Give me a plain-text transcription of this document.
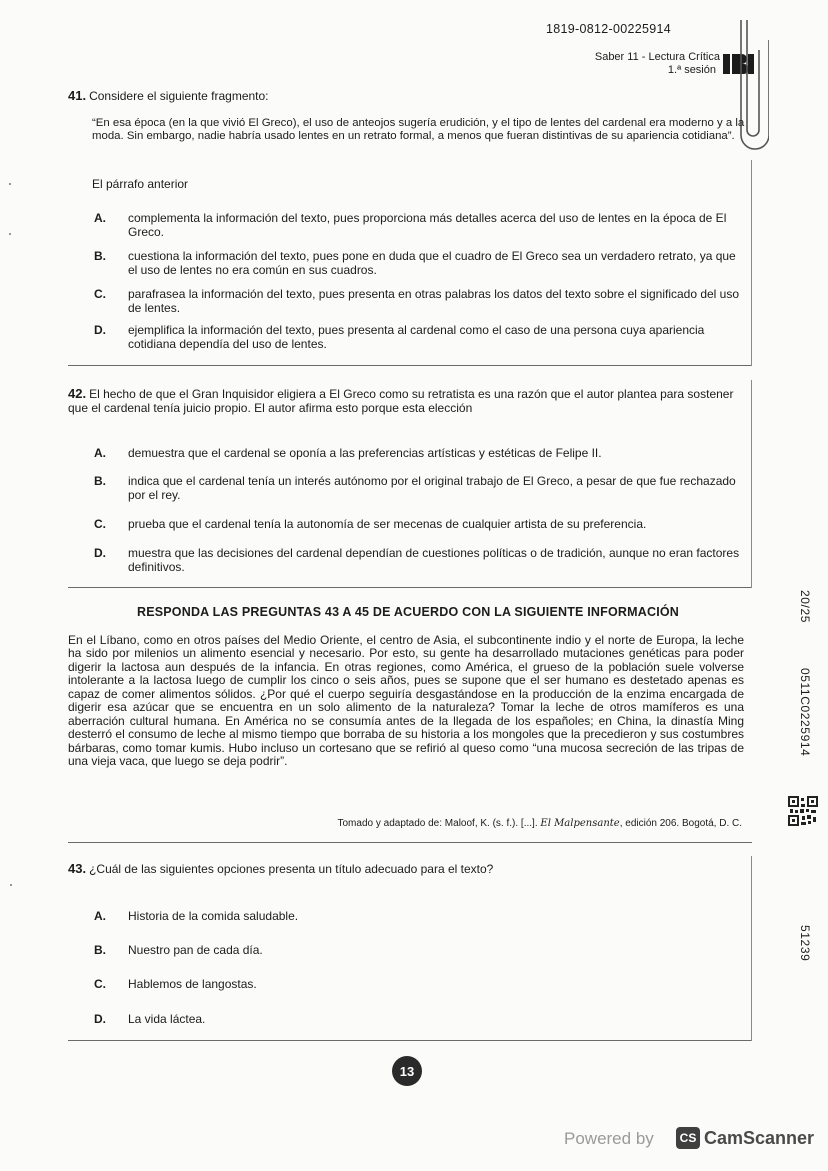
1819-0812-00225914
Saber 11 - Lectura Crítica
1.ª sesión
41. Considere el siguiente fragmento:
“En esa época (en la que vivió El Greco), el uso de anteojos sugería erudición, y el tipo de lentes del cardenal era moderno y a la moda. Sin embargo, nadie habría usado lentes en un retrato formal, a menos que fueran distintivas de su apariencia cotidiana”.
El párrafo anterior
A.	complementa la información del texto, pues proporciona más detalles acerca del uso de lentes en la época de El Greco.
B.	cuestiona la información del texto, pues pone en duda que el cuadro de El Greco sea un verdadero retrato, ya que el uso de lentes no era común en sus cuadros.
C.	parafrasea la información del texto, pues presenta en otras palabras los datos del texto sobre el significado del uso de lentes.
D.	ejemplifica la información del texto, pues presenta al cardenal como el caso de una persona cuya apariencia cotidiana dependía del uso de lentes.
42. El hecho de que el Gran Inquisidor eligiera a El Greco como su retratista es una razón que el autor plantea para sostener que el cardenal tenía juicio propio. El autor afirma esto porque esta elección
A.	demuestra que el cardenal se oponía a las preferencias artísticas y estéticas de Felipe II.
B.	indica que el cardenal tenía un interés autónomo por el original trabajo de El Greco, a pesar de que fue rechazado por el rey.
C.	prueba que el cardenal tenía la autonomía de ser mecenas de cualquier artista de su preferencia.
D.	muestra que las decisiones del cardenal dependían de cuestiones políticas o de tradición, aunque no eran factores definitivos.
RESPONDA LAS PREGUNTAS 43 A 45 DE ACUERDO CON LA SIGUIENTE INFORMACIÓN
En el Líbano, como en otros países del Medio Oriente, el centro de Asia, el subcontinente indio y el norte de Europa, la leche ha sido por milenios un alimento esencial y necesario. Por esto, su gente ha desarrollado mutaciones genéticas para poder digerir la lactosa aun después de la infancia. En otras regiones, como América, el grueso de la población suele volverse intolerante a la lactosa luego de cumplir los cinco o seis años, pues se supone que el ser humano es destetado apenas es capaz de comer alimentos sólidos. ¿Por qué el cuerpo seguiría desgastándose en la producción de la enzima encargada de digerir esa azúcar que se encuentra en un solo alimento de la naturaleza? Tomar la leche de otros mamíferos es una aberración cultural humana. En América no se consumía antes de la llegada de los españoles; en China, la dinastía Ming desterró el consumo de leche al mismo tiempo que borraba de su historia a los mongoles que la precedieron y sus costumbres bárbaras, como tomar kumis. Hubo incluso un cortesano que se refirió al queso como “una mucosa secreción de las tripas de una vieja vaca, que luego se deja podrir”.
Tomado y adaptado de: Maloof, K. (s. f.). [...]. El Malpensante, edición 206. Bogotá, D. C.
43. ¿Cuál de las siguientes opciones presenta un título adecuado para el texto?
A.	Historia de la comida saludable.
B.	Nuestro pan de cada día.
C.	Hablemos de langostas.
D.	La vida láctea.
20/25
0511C0225914
51239
13
Powered by	CS CamScanner
